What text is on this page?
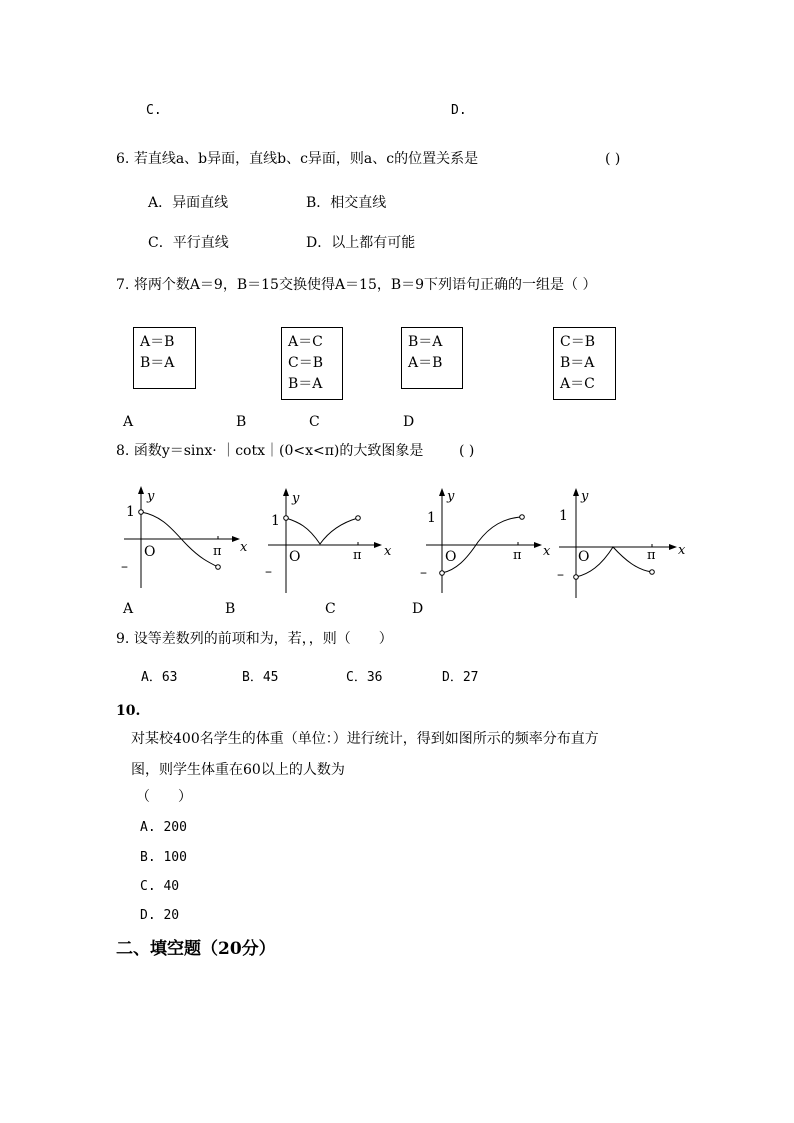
C.	D.
6. 若直线a、b异面，直线b、c异面，则a、c的位置关系是	( )
A．异面直线	B．相交直线
C．平行直线	D．以上都有可能
7. 将两个数A＝9，B＝15交换使得A＝15，B＝9下列语句正确的一组是（ ）
A＝B
B＝A
A＝C
C＝B
B＝A
B＝A
A＝B
C＝B
B＝A
A＝C
A	B	C	D
8. 函数y＝sinx· ｜cotx｜(0<x<π)的大致图象是	( )
y
x
1
O	π
–
y
x
1
O	π
–
y
x
1
O	π
–
y
x
1
O	π
–
A	B	C	D
9. 设等差数列的前项和为，若，，则（　　）
A．63	B．45	C．36	D．27
10.
对某校400名学生的体重（单位：）进行统计，得到如图所示的频率分布直方
图，则学生体重在60以上的人数为
（　　）
A. 200
B. 100
C. 40
D. 20
二、填空题（20分）
